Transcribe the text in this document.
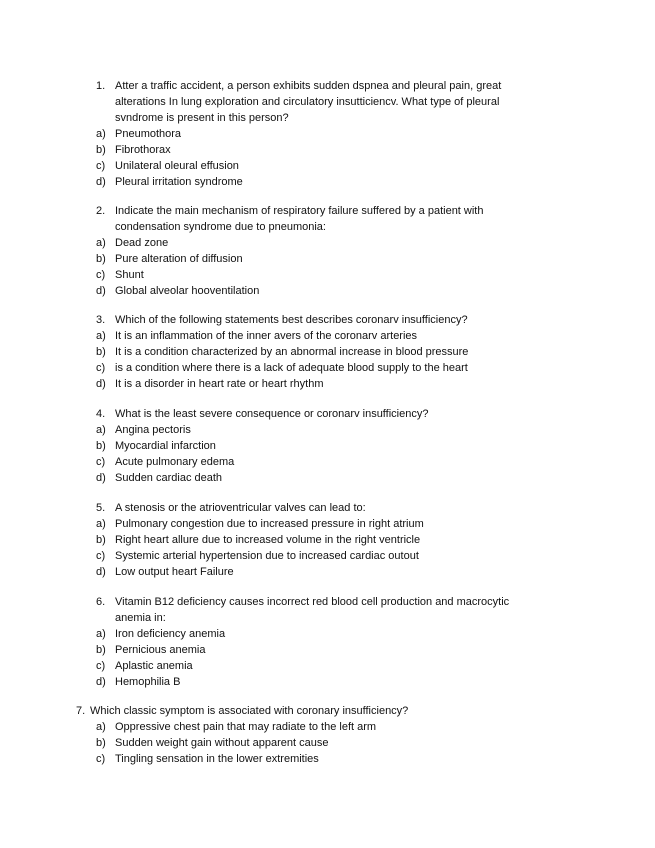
1. Atter a traffic accident, a person exhibits sudden dspnea and pleural pain, great alterations In lung exploration and circulatory insutticiencv. What type of pleural svndrome is present in this person?
a) Pneumothora
b) Fibrothorax
c) Unilateral oleural effusion
d) Pleural irritation syndrome
2. Indicate the main mechanism of respiratory failure suffered by a patient with condensation syndrome due to pneumonia:
a) Dead zone
b) Pure alteration of diffusion
c) Shunt
d) Global alveolar hooventilation
3. Which of the following statements best describes coronarv insufficiency?
a) It is an inflammation of the inner avers of the coronarv arteries
b) It is a condition characterized by an abnormal increase in blood pressure
c) is a condition where there is a lack of adequate blood supply to the heart
d) It is a disorder in heart rate or heart rhythm
4. What is the least severe consequence or coronarv insufficiency?
a) Angina pectoris
b) Myocardial infarction
c) Acute pulmonary edema
d) Sudden cardiac death
5. A stenosis or the atrioventricular valves can lead to:
a) Pulmonary congestion due to increased pressure in right atrium
b) Right heart allure due to increased volume in the right ventricle
c) Systemic arterial hypertension due to increased cardiac outout
d) Low output heart Failure
6. Vitamin B12 deficiency causes incorrect red blood cell production and macrocytic anemia in:
a) Iron deficiency anemia
b) Pernicious anemia
c) Aplastic anemia
d) Hemophilia B
7. Which classic symptom is associated with coronary insufficiency?
a) Oppressive chest pain that may radiate to the left arm
b) Sudden weight gain without apparent cause
c) Tingling sensation in the lower extremities
